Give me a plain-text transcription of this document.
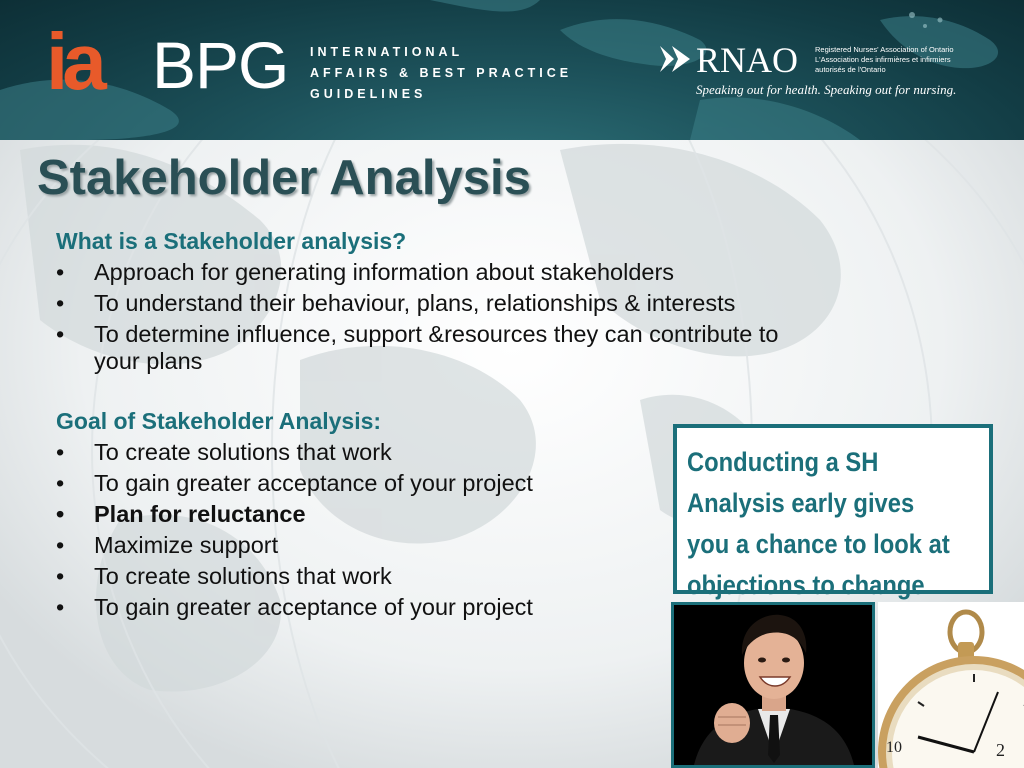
ia BPG INTERNATIONAL
AFFAIRS & BEST PRACTICE
GUIDELINES
RNAO Registered Nurses' Association of Ontario
L'Association des infirmières et infirmiers
autorisés de l'Ontario
Speaking out for health. Speaking out for nursing.
Stakeholder Analysis

What is a Stakeholder analysis?

• Approach for generating information about stakeholders
• To understand their behaviour, plans, relationships & interests
• To determine influence, support &resources they can contribute to your plans

Goal of Stakeholder Analysis:

• To create solutions that work
• To gain greater acceptance of your project
• Plan for reluctance
• Maximize support
• To create solutions that work
• To gain greater acceptance of your project
Conducting a SH
Analysis early gives
you a chance to look at
objections to change
10	2
